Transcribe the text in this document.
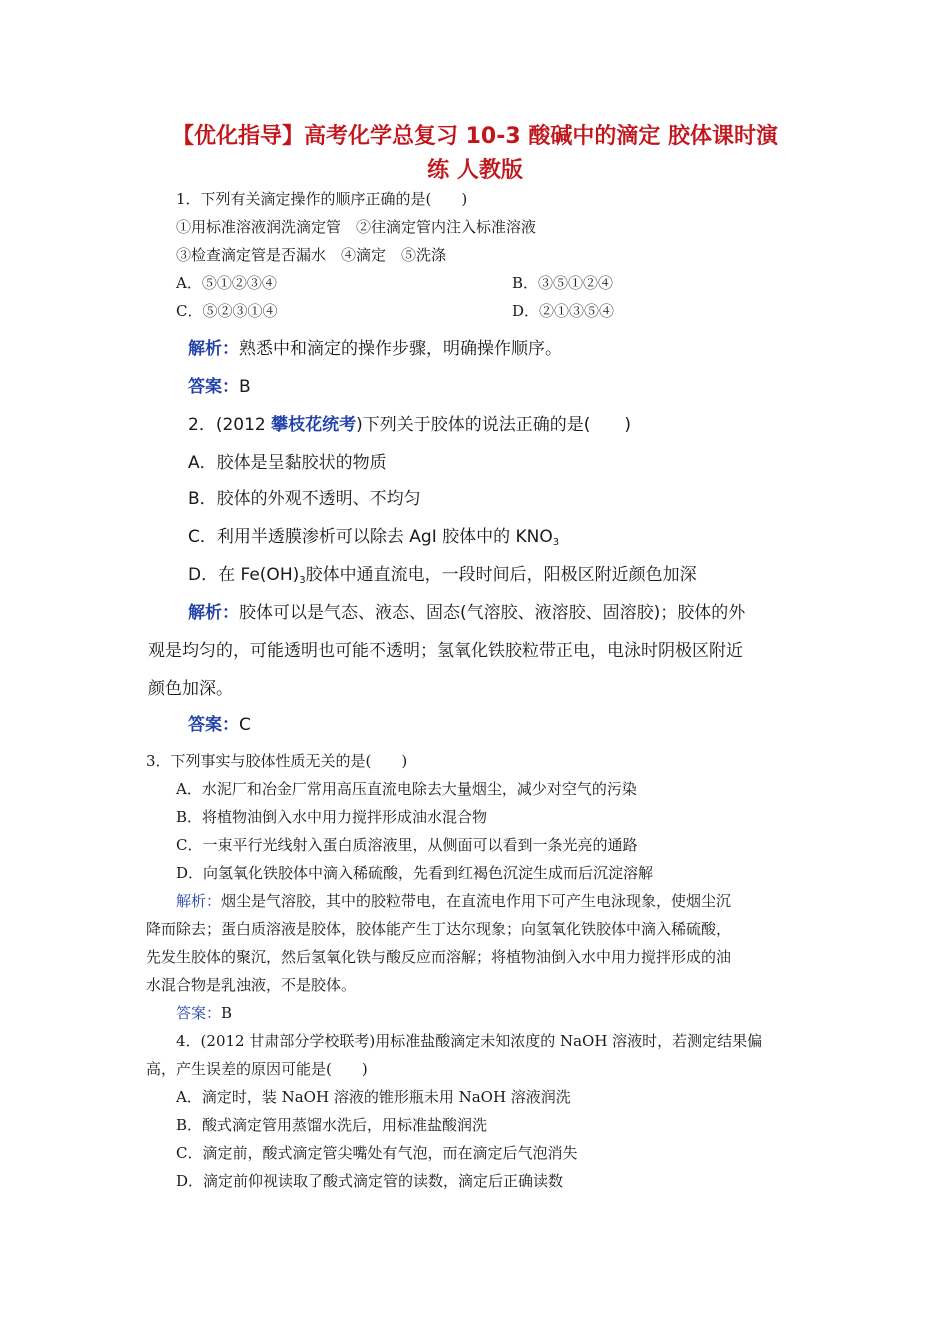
【优化指导】高考化学总复习 10-3 酸碱中的滴定 胶体课时演
练 人教版
1．下列有关滴定操作的顺序正确的是(　　)
①用标准溶液润洗滴定管　②往滴定管内注入标准溶液
③检查滴定管是否漏水　④滴定　⑤洗涤
A．⑤①②③④	B．③⑤①②④
C．⑤②③①④	D．②①③⑤④
解析：熟悉中和滴定的操作步骤，明确操作顺序。
答案：B
2．(2012 攀枝花统考)下列关于胶体的说法正确的是(　　)
A．胶体是呈黏胶状的物质
B．胶体的外观不透明、不均匀
C．利用半透膜渗析可以除去 AgI 胶体中的 $KNO_3$
D．在 $Fe(OH)_3$胶体中通直流电，一段时间后，阳极区附近颜色加深
解析：胶体可以是气态、液态、固态(气溶胶、液溶胶、固溶胶)；胶体的外
观是均匀的，可能透明也可能不透明；氢氧化铁胶粒带正电，电泳时阴极区附近
颜色加深。
答案：C
3．下列事实与胶体性质无关的是(　　)
A．水泥厂和冶金厂常用高压直流电除去大量烟尘，减少对空气的污染
B．将植物油倒入水中用力搅拌形成油水混合物
C．一束平行光线射入蛋白质溶液里，从侧面可以看到一条光亮的通路
D．向氢氧化铁胶体中滴入稀硫酸，先看到红褐色沉淀生成而后沉淀溶解
解析：烟尘是气溶胶，其中的胶粒带电，在直流电作用下可产生电泳现象，使烟尘沉
降而除去；蛋白质溶液是胶体，胶体能产生丁达尔现象；向氢氧化铁胶体中滴入稀硫酸，
先发生胶体的聚沉，然后氢氧化铁与酸反应而溶解；将植物油倒入水中用力搅拌形成的油
水混合物是乳浊液，不是胶体。
答案：B
4．(2012 甘肃部分学校联考)用标准盐酸滴定未知浓度的 NaOH 溶液时，若测定结果偏
高，产生误差的原因可能是(　　)
A．滴定时，装 NaOH 溶液的锥形瓶未用 NaOH 溶液润洗
B．酸式滴定管用蒸馏水洗后，用标准盐酸润洗
C．滴定前，酸式滴定管尖嘴处有气泡，而在滴定后气泡消失
D．滴定前仰视读取了酸式滴定管的读数，滴定后正确读数
